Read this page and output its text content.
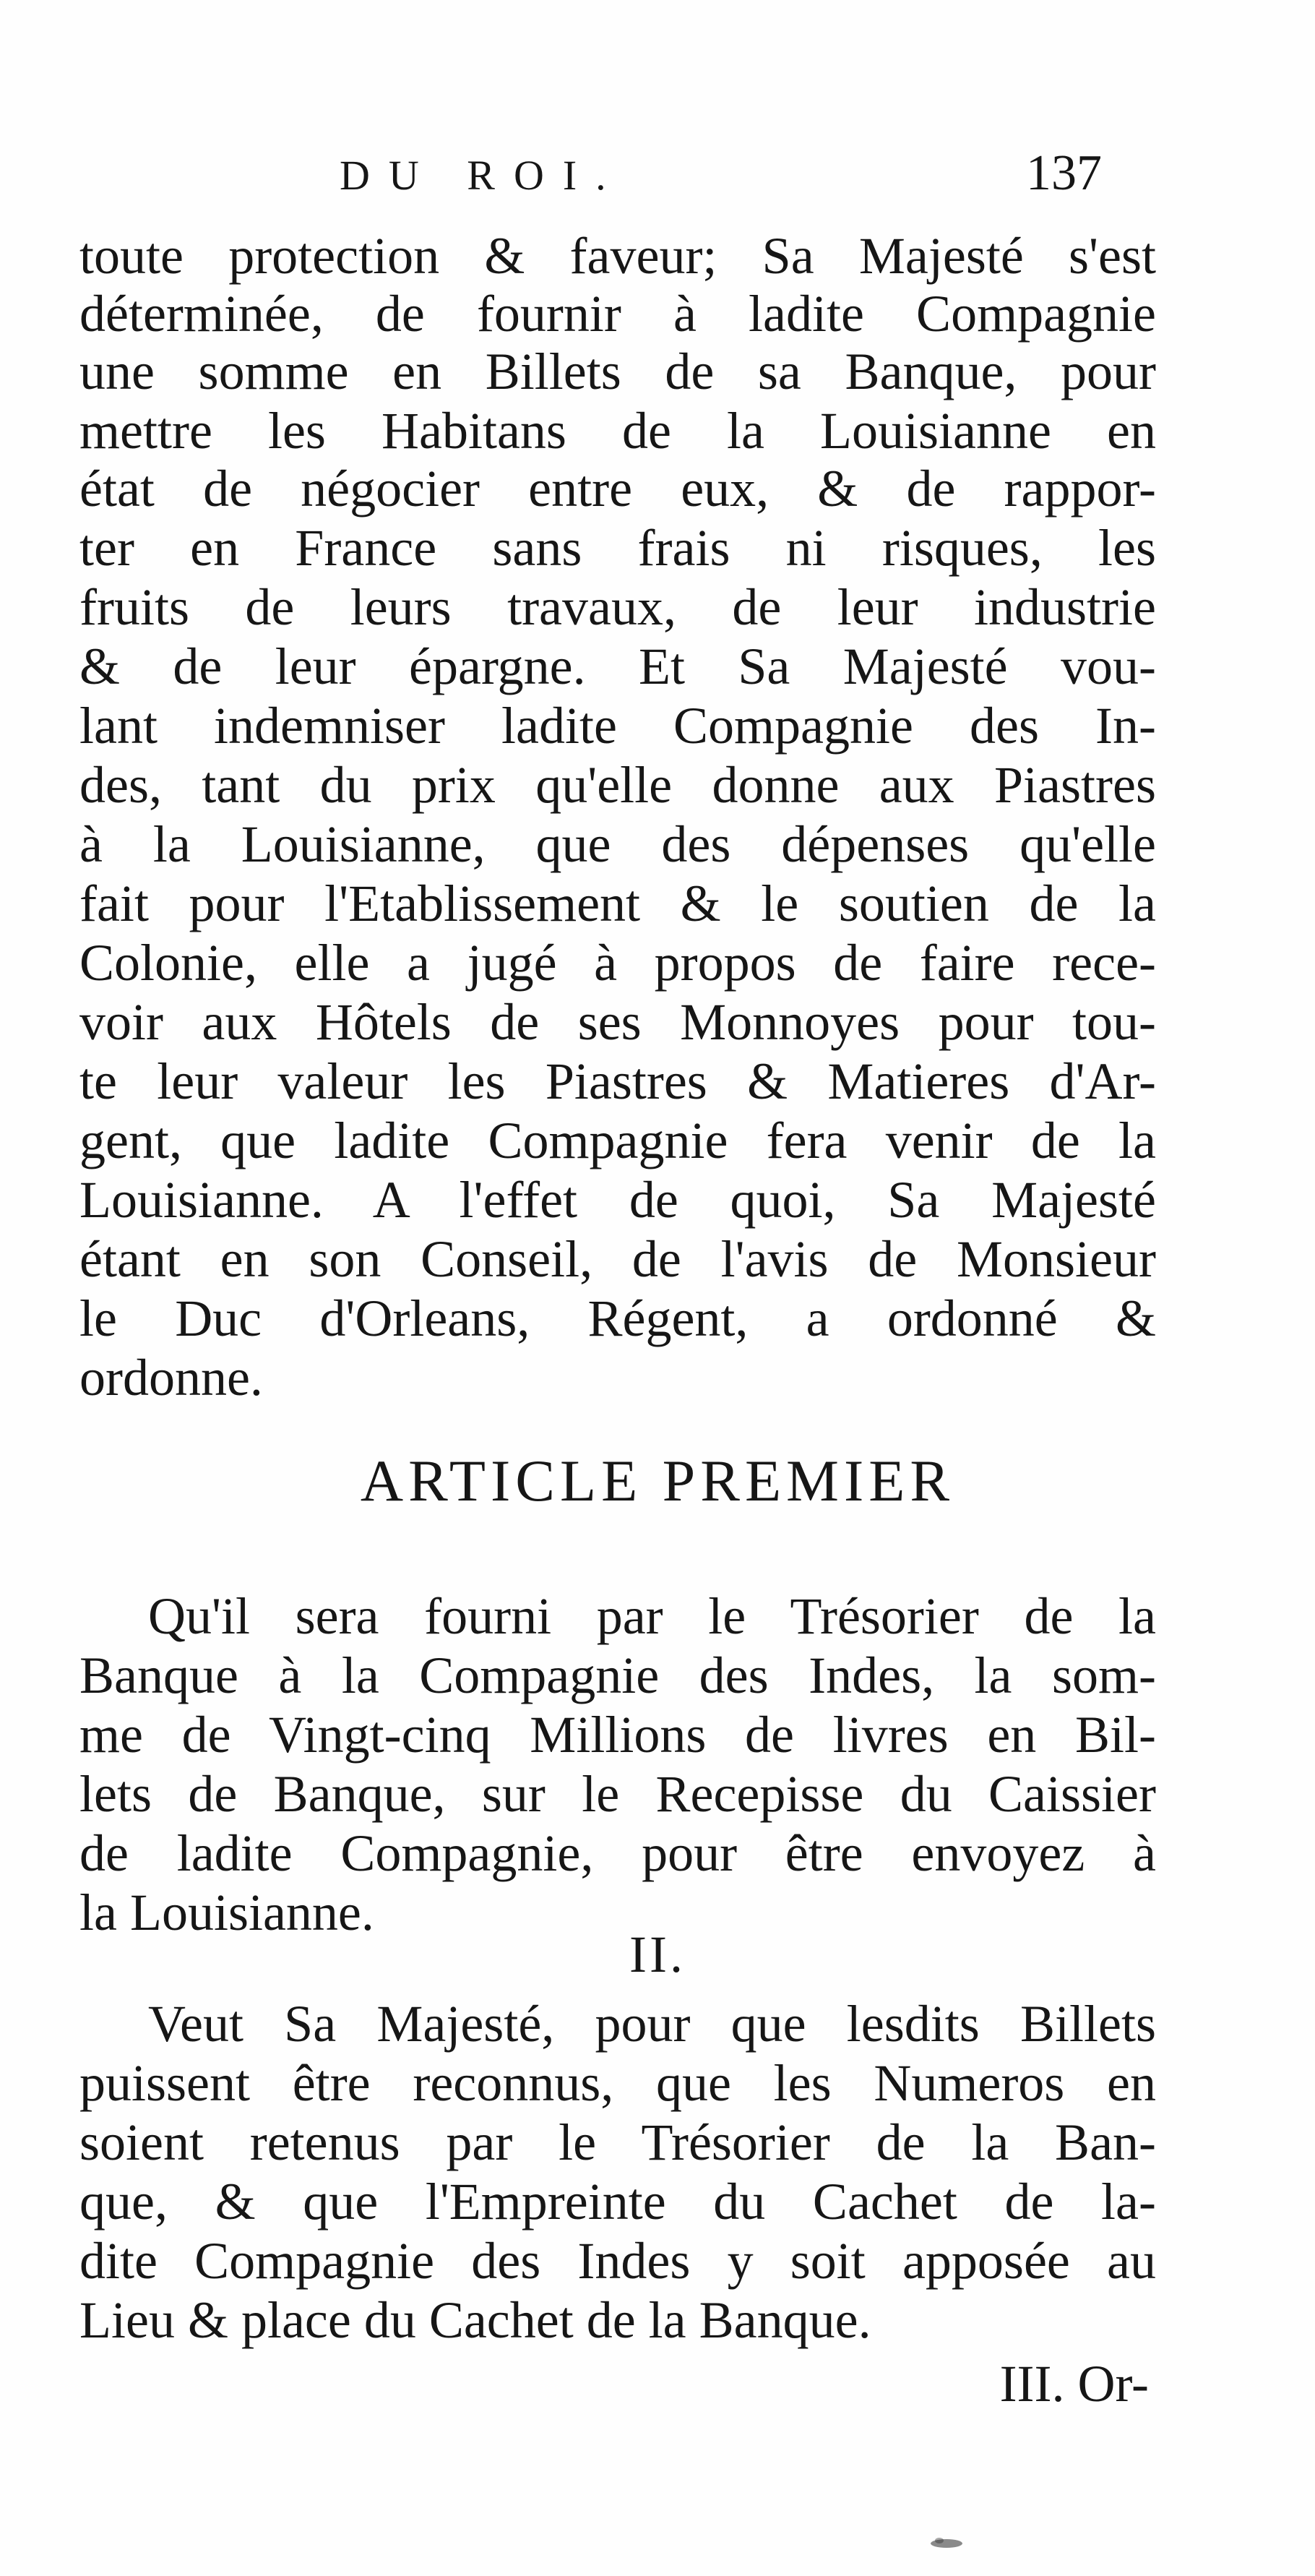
DU ROI.	137
toute protection & faveur; Sa Majesté s'est
déterminée, de fournir à ladite Compagnie
une somme en Billets de sa Banque, pour
mettre les Habitans de la Louisianne en
état de négocier entre eux, & de rappor-
ter en France sans frais ni risques, les
fruits de leurs travaux, de leur industrie
& de leur épargne. Et Sa Majesté vou-
lant indemniser ladite Compagnie des In-
des, tant du prix qu'elle donne aux Piastres
à la Louisianne, que des dépenses qu'elle
fait pour l'Etablissement & le soutien de la
Colonie, elle a jugé à propos de faire rece-
voir aux Hôtels de ses Monnoyes pour tou-
te leur valeur les Piastres & Matieres d'Ar-
gent, que ladite Compagnie fera venir de la
Louisianne. A l'effet de quoi, Sa Majesté
étant en son Conseil, de l'avis de Monsieur
le Duc d'Orleans, Régent, a ordonné &
ordonne.
ARTICLE PREMIER
Qu'il sera fourni par le Trésorier de la
Banque à la Compagnie des Indes, la som-
me de Vingt-cinq Millions de livres en Bil-
lets de Banque, sur le Recepisse du Caissier
de ladite Compagnie, pour être envoyez à
la Louisianne.
II.
Veut Sa Majesté, pour que lesdits Billets
puissent être reconnus, que les Numeros en
soient retenus par le Trésorier de la Ban-
que, & que l'Empreinte du Cachet de la-
dite Compagnie des Indes y soit apposée au
Lieu & place du Cachet de la Banque.
III. Or-
